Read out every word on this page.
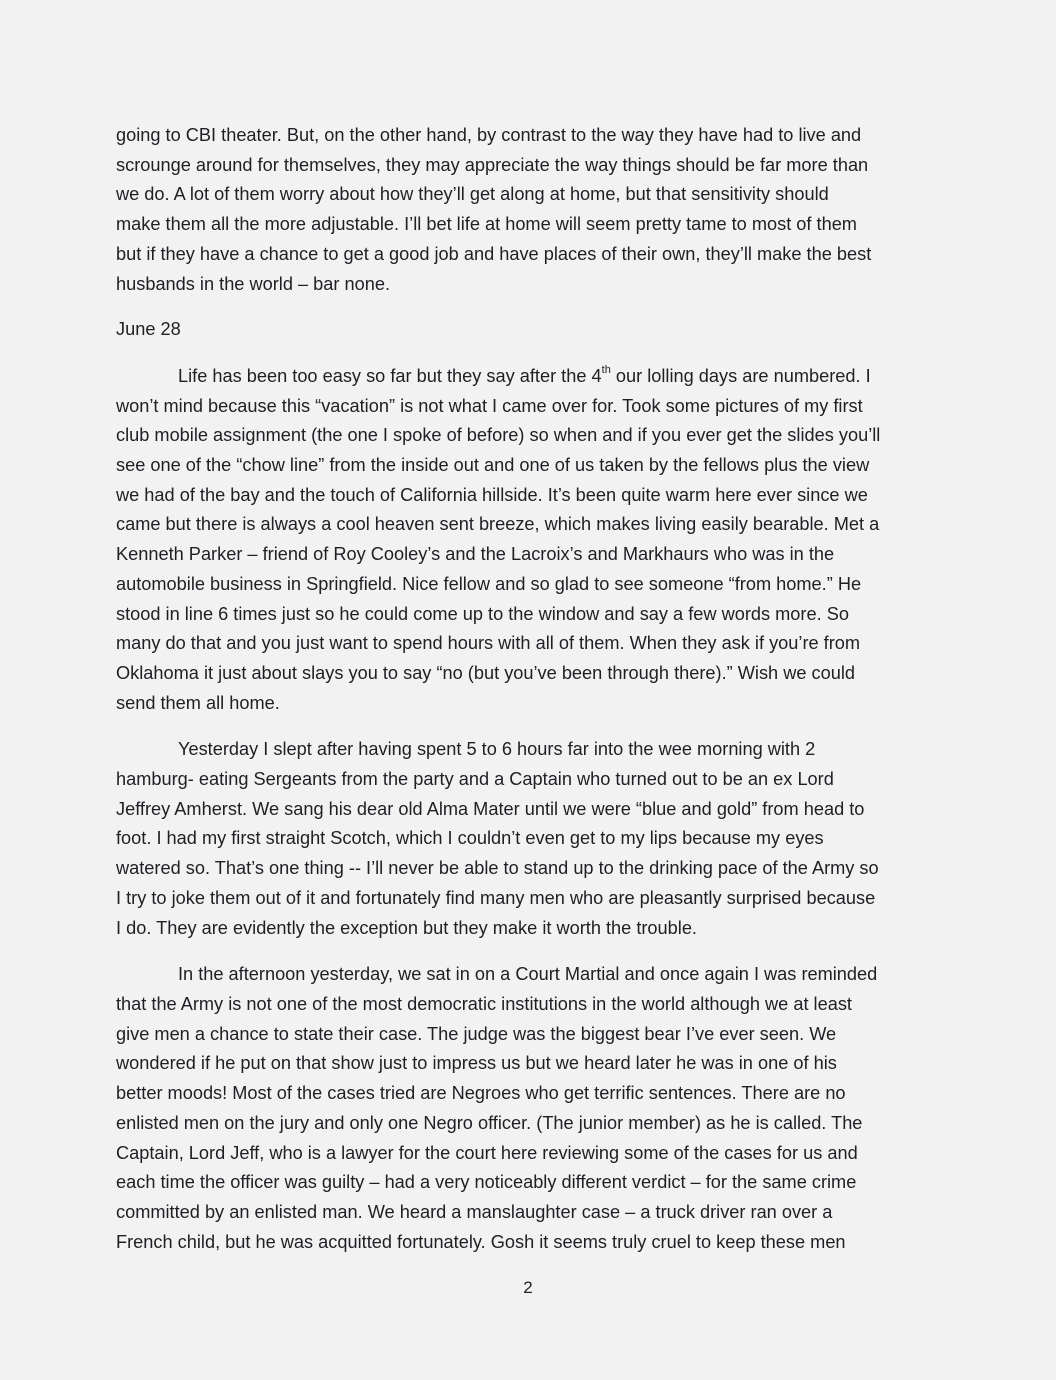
going to CBI theater. But, on the other hand, by contrast to the way they have had to live and
scrounge around for themselves, they may appreciate the way things should be far more than
we do. A lot of them worry about how they’ll get along at home, but that sensitivity should
make them all the more adjustable. I’ll bet life at home will seem pretty tame to most of them
but if they have a chance to get a good job and have places of their own, they’ll make the best
husbands in the world – bar none.

June 28

Life has been too easy so far but they say after the 4th our lolling days are numbered. I
won’t mind because this “vacation” is not what I came over for. Took some pictures of my first
club mobile assignment (the one I spoke of before) so when and if you ever get the slides you’ll
see one of the “chow line” from the inside out and one of us taken by the fellows plus the view
we had of the bay and the touch of California hillside. It’s been quite warm here ever since we
came but there is always a cool heaven sent breeze, which makes living easily bearable. Met a
Kenneth Parker – friend of Roy Cooley’s and the Lacroix’s and Markhaurs who was in the
automobile business in Springfield. Nice fellow and so glad to see someone “from home.” He
stood in line 6 times just so he could come up to the window and say a few words more. So
many do that and you just want to spend hours with all of them. When they ask if you’re from
Oklahoma it just about slays you to say “no (but you’ve been through there).” Wish we could
send them all home.

Yesterday I slept after having spent 5 to 6 hours far into the wee morning with 2
hamburg- eating Sergeants from the party and a Captain who turned out to be an ex Lord
Jeffrey Amherst. We sang his dear old Alma Mater until we were “blue and gold” from head to
foot. I had my first straight Scotch, which I couldn’t even get to my lips because my eyes
watered so. That’s one thing -- I’ll never be able to stand up to the drinking pace of the Army so
I try to joke them out of it and fortunately find many men who are pleasantly surprised because
I do. They are evidently the exception but they make it worth the trouble.

In the afternoon yesterday, we sat in on a Court Martial and once again I was reminded
that the Army is not one of the most democratic institutions in the world although we at least
give men a chance to state their case. The judge was the biggest bear I’ve ever seen. We
wondered if he put on that show just to impress us but we heard later he was in one of his
better moods! Most of the cases tried are Negroes who get terrific sentences. There are no
enlisted men on the jury and only one Negro officer. (The junior member) as he is called. The
Captain, Lord Jeff, who is a lawyer for the court here reviewing some of the cases for us and
each time the officer was guilty – had a very noticeably different verdict – for the same crime
committed by an enlisted man. We heard a manslaughter case – a truck driver ran over a
French child, but he was acquitted fortunately. Gosh it seems truly cruel to keep these men

2
